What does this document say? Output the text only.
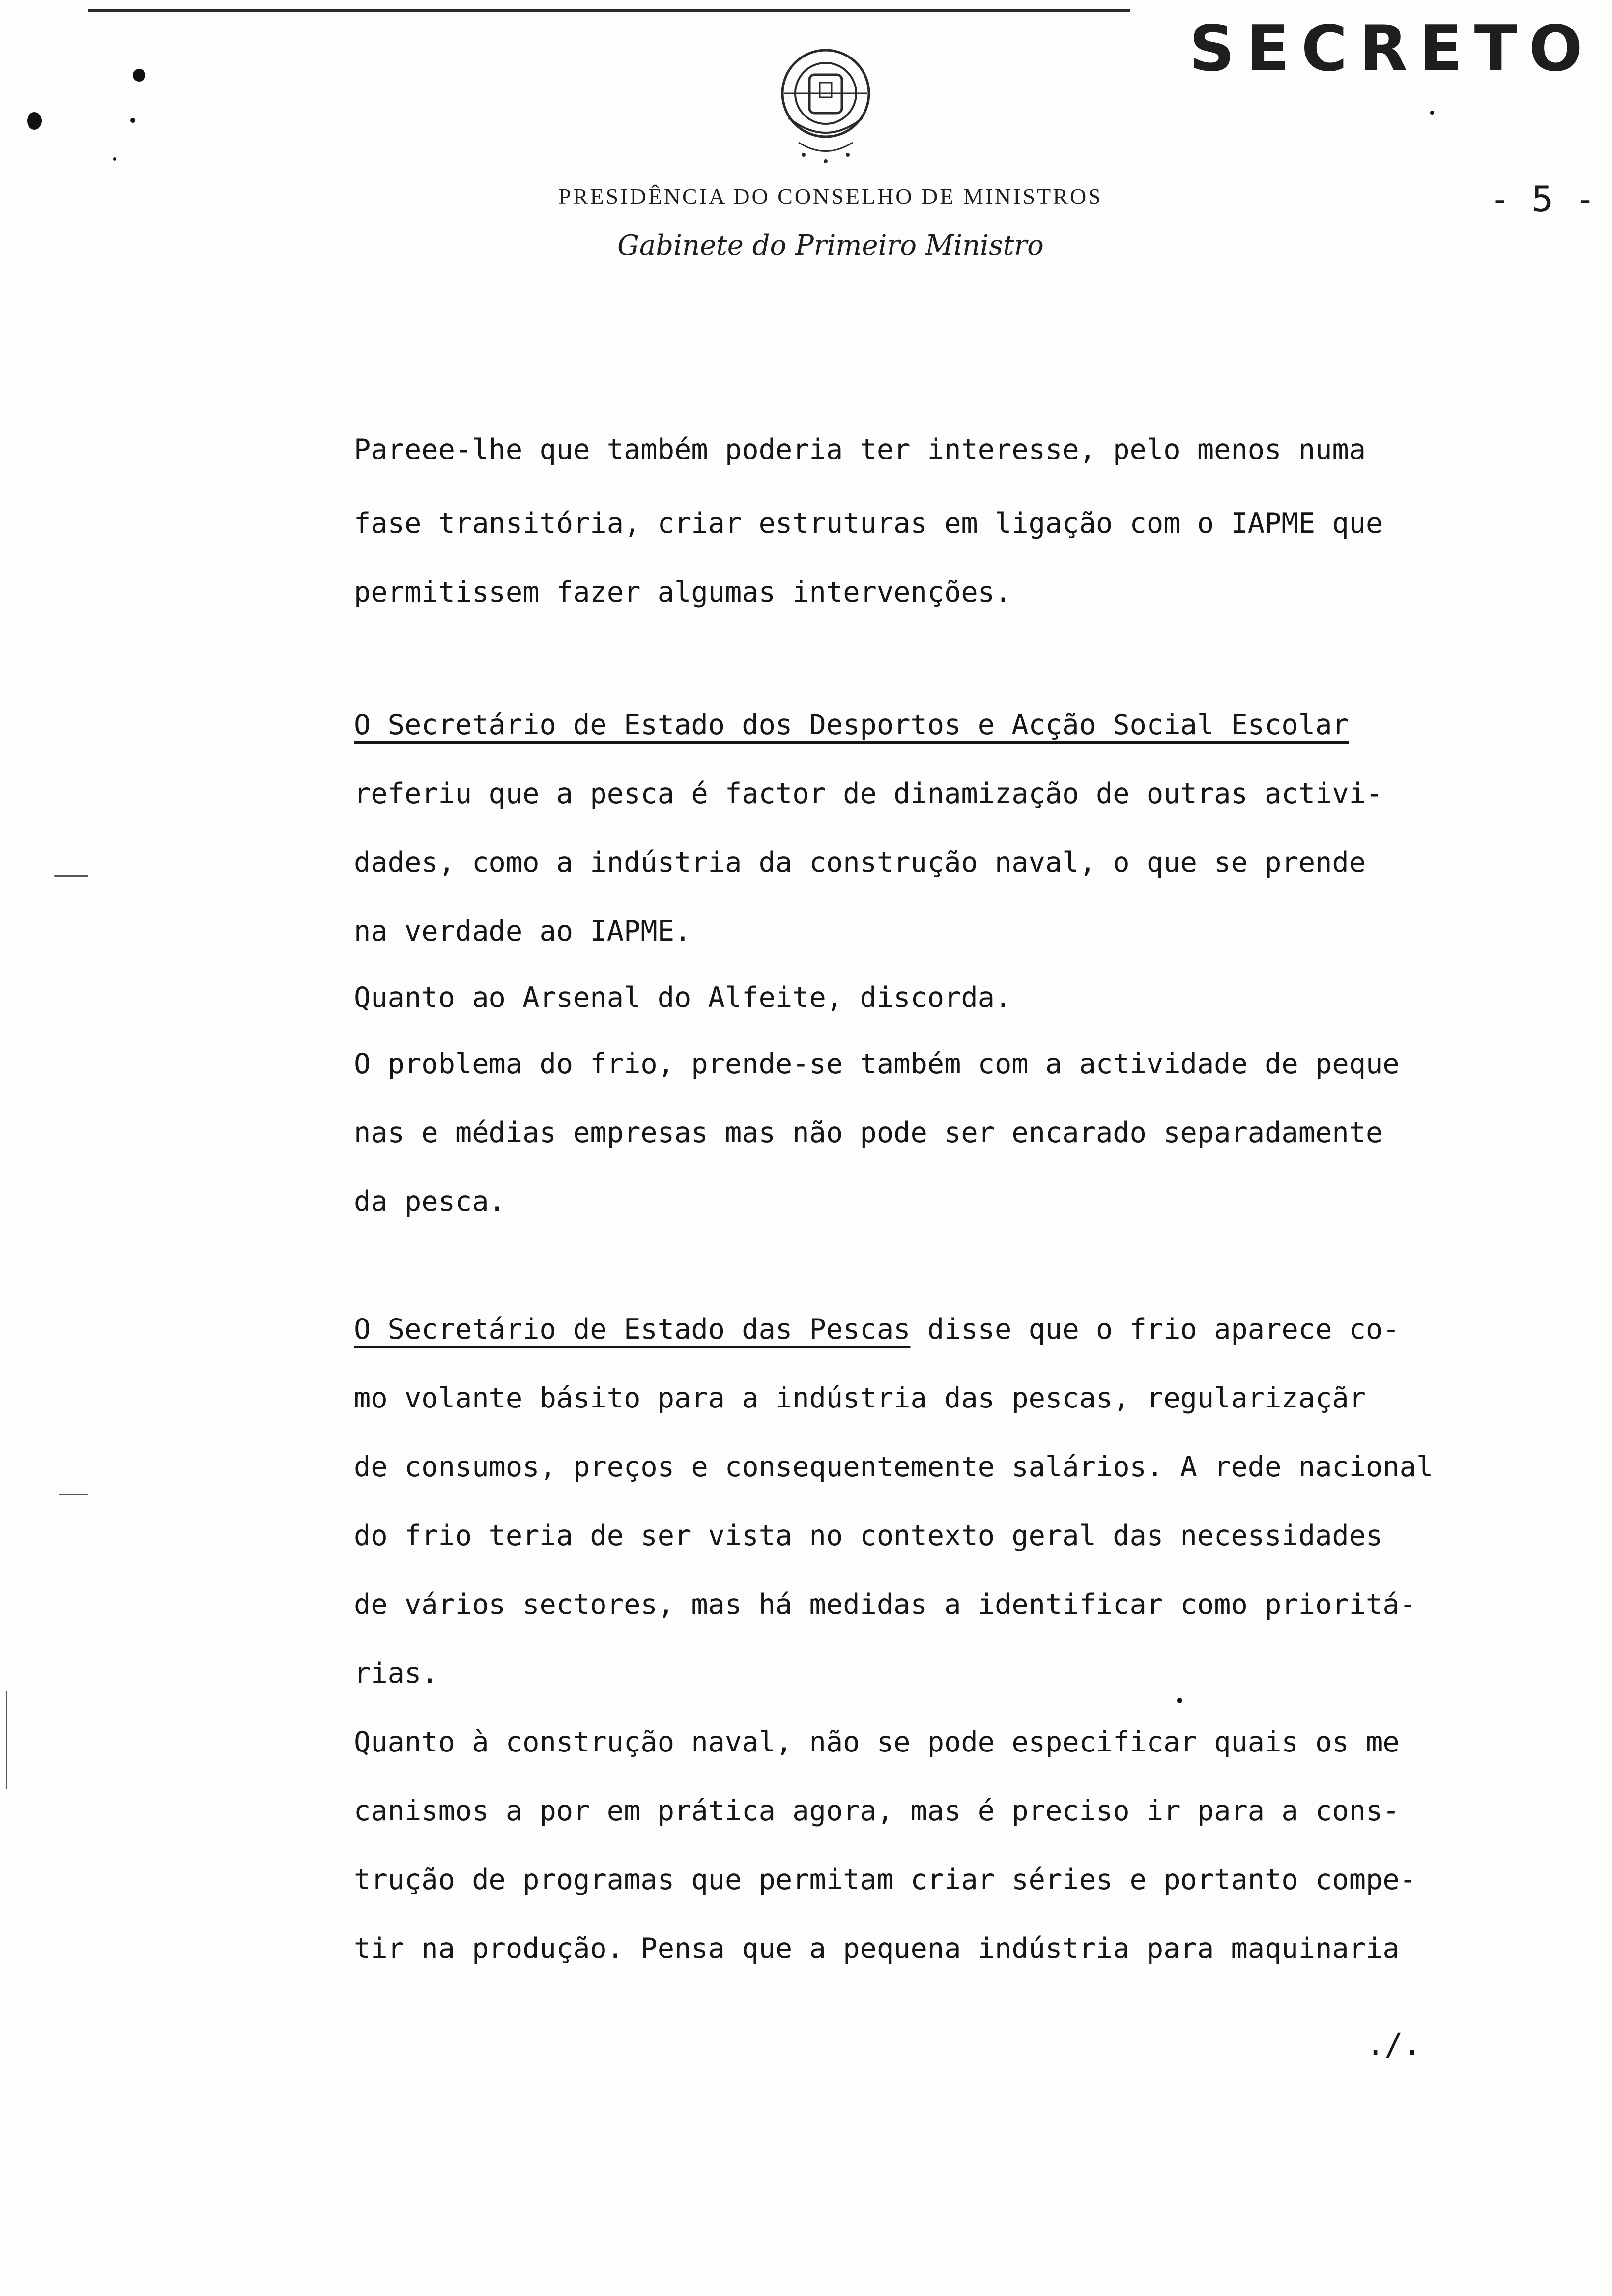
SECRETO
PRESIDÊNCIA DO CONSELHO DE MINISTROS
Gabinete do Primeiro Ministro
- 5 -
Pareee-lhe que também poderia ter interesse, pelo menos numa
fase transitória, criar estruturas em ligação com o IAPME que
permitissem fazer algumas intervenções.
O Secretário de Estado dos Desportos e Acção Social Escolar
referiu que a pesca é factor de dinamização de outras activi-
dades, como a indústria da construção naval, o que se prende
na verdade ao IAPME.
Quanto ao Arsenal do Alfeite, discorda.
O problema do frio, prende-se também com a actividade de peque
nas e médias empresas mas não pode ser encarado separadamente
da pesca.
O Secretário de Estado das Pescas disse que o frio aparece co-
mo volante básito para a indústria das pescas, regularizaçãr
de consumos, preços e consequentemente salários. A rede nacional
do frio teria de ser vista no contexto geral das necessidades
de vários sectores, mas há medidas a identificar como prioritá-
rias.
Quanto à construção naval, não se pode especificar quais os me
canismos a por em prática agora, mas é preciso ir para a cons-
trução de programas que permitam criar séries e portanto compe-
tir na produção. Pensa que a pequena indústria para maquinaria
./.
